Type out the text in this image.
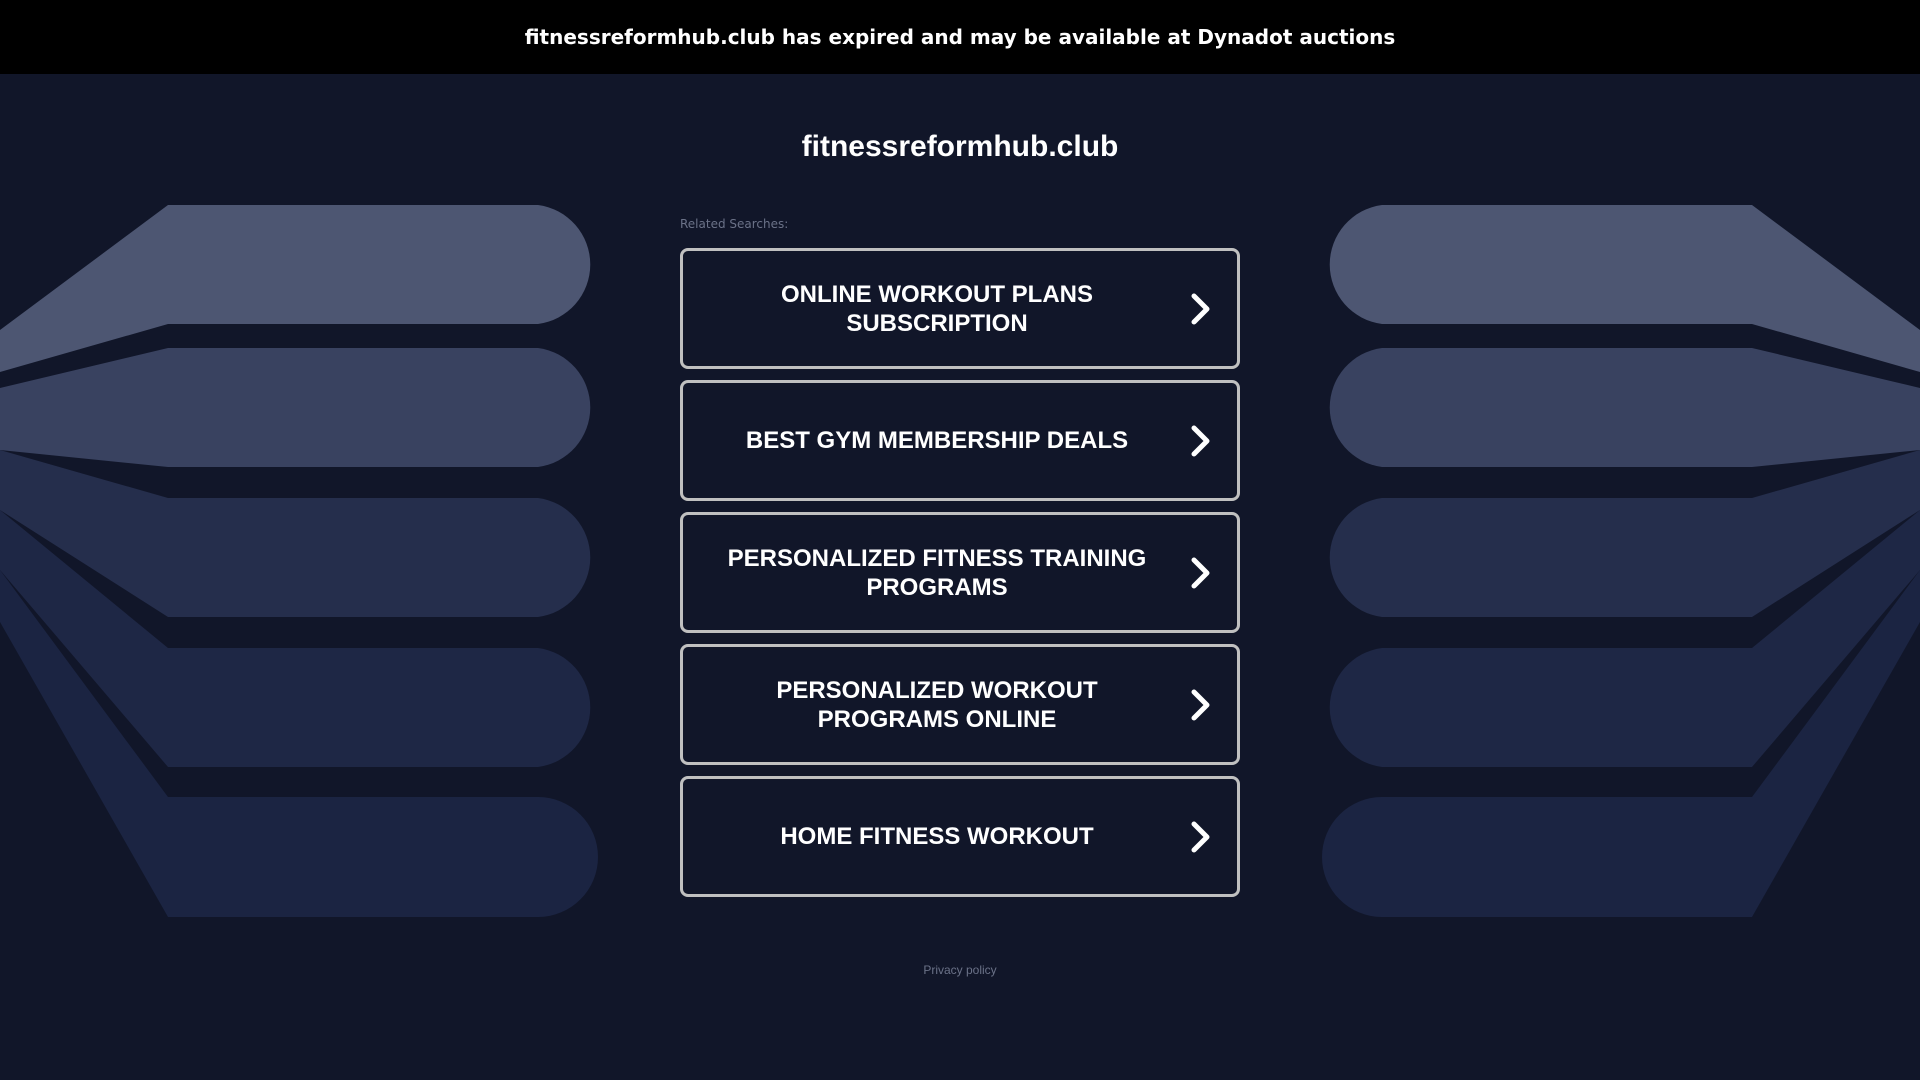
fitnessreformhub.club has expired and may be available at Dynadot auctions
fitnessreformhub.club
Related Searches:
ONLINE WORKOUT PLANS SUBSCRIPTION
BEST GYM MEMBERSHIP DEALS
PERSONALIZED FITNESS TRAINING PROGRAMS
PERSONALIZED WORKOUT PROGRAMS ONLINE
HOME FITNESS WORKOUT
Privacy policy
